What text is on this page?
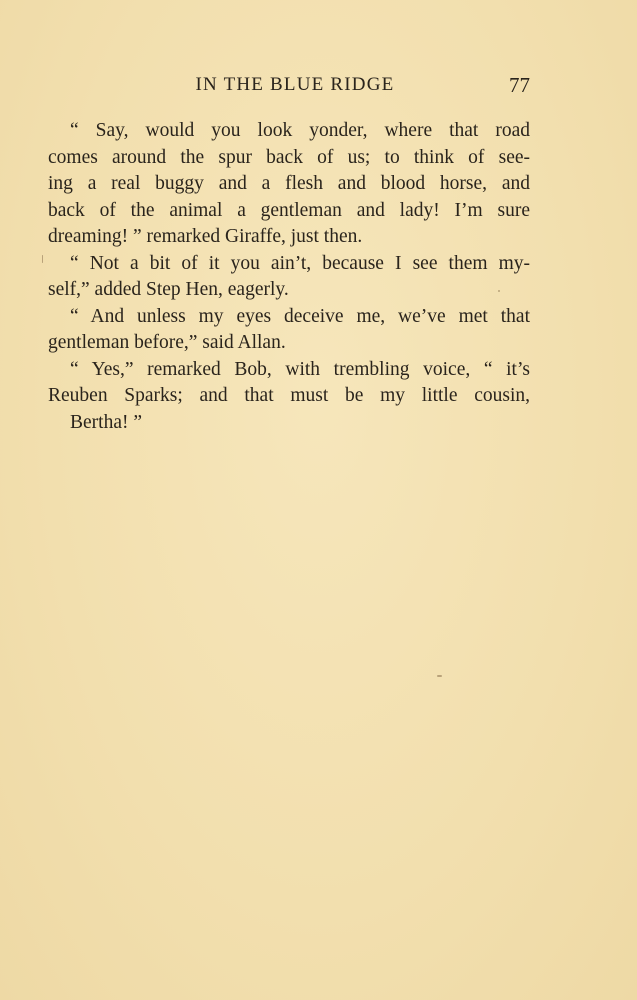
IN THE BLUE RIDGE	77
“ Say, would you look yonder, where that road
comes around the spur back of us; to think of see-
ing a real buggy and a flesh and blood horse, and
back of the animal a gentleman and lady! I’m sure
dreaming! ” remarked Giraffe, just then.
“ Not a bit of it you ain’t, because I see them my-
self,” added Step Hen, eagerly.
“ And unless my eyes deceive me, we’ve met that
gentleman before,” said Allan.
“ Yes,” remarked Bob, with trembling voice, “ it’s
Reuben Sparks; and that must be my little cousin,
Bertha! ”
